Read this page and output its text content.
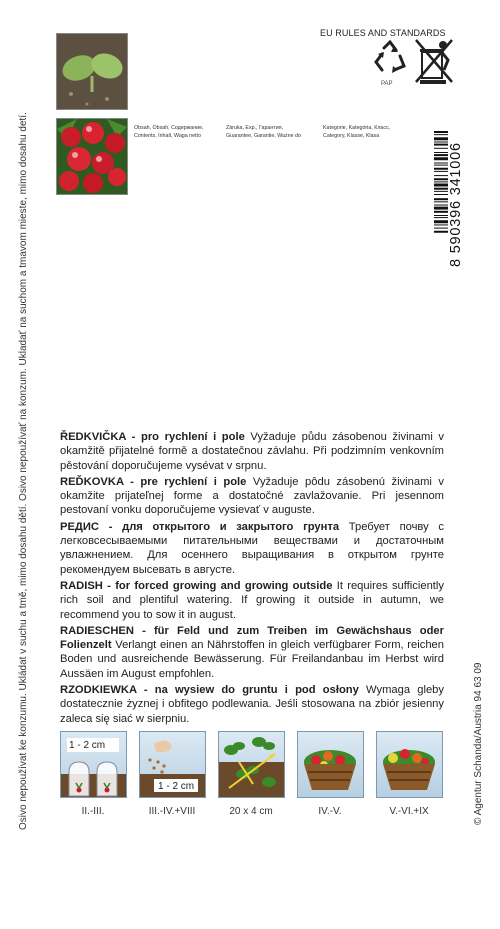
Osivo nepoužívat ke konzumu. Ukládat v suchu a tmě, mimo dosahu dětí. Osivo nepoužívať na konzum. Ukladať na suchom a tmavom mieste, mimo dosahu detí.	© Agentur Schanda/Austria 94 63 09
EU RULES AND STANDARDS
PAP
Obsah, Obsah, Содержание,
Contents, Inhalt, Waga netto
Záruka, Exp., Гарантия,
Guarantee, Garantie, Ważne do
Kategorie, Kategória, Класс,
Category, Klasse, Klasa
8 590396 341006

ŘEDKVIČKA - pro rychlení i pole Vyžaduje půdu zásobenou živinami v okamžitě přijatelné formě a dostatečnou závlahu. Při podzimním venkovním pěstování doporučujeme vysévat v srpnu.

REĎKOVKA - pre rychlení i pole Vyžaduje pôdu zásobenú živinami v okamžite prijateľnej forme a dostatočné zavlažovanie. Pri jesennom pestovaní vonku doporučujeme vysievať v auguste.

РЕДИС - для открытого и закрытого грунта Требует почву с легковсесываемыми питательными веществами и достаточным увлажнением. Для осеннего выращивания в открытом грунте рекомендуем высевать в августе.

RADISH - for forced growing and growing outside It requires sufficiently rich soil and plentiful watering. If growing it outside in autumn, we recommend you to sow it in august.

RADIESCHEN - für Feld und zum Treiben im Gewächshaus oder Folienzelt Verlangt einen an Nährstoffen in gleich verfügbarer Form, reichen Boden und ausreichende Bewässerung. Für Freilandanbau im Herbst wird Aussäen im August empfohlen.

RZODKIEWKA - na wysiew do gruntu i pod osłony Wymaga gleby dostatecznie żyznej i obfitego podlewania. Jeśli stosowana na zbiór jesienny zaleca się siać w sierpniu.

1 - 2 cm
1 - 2 cm
II.-III.	III.-IV.+VIII	20 x 4 cm	IV.-V.	V.-VI.+IX
